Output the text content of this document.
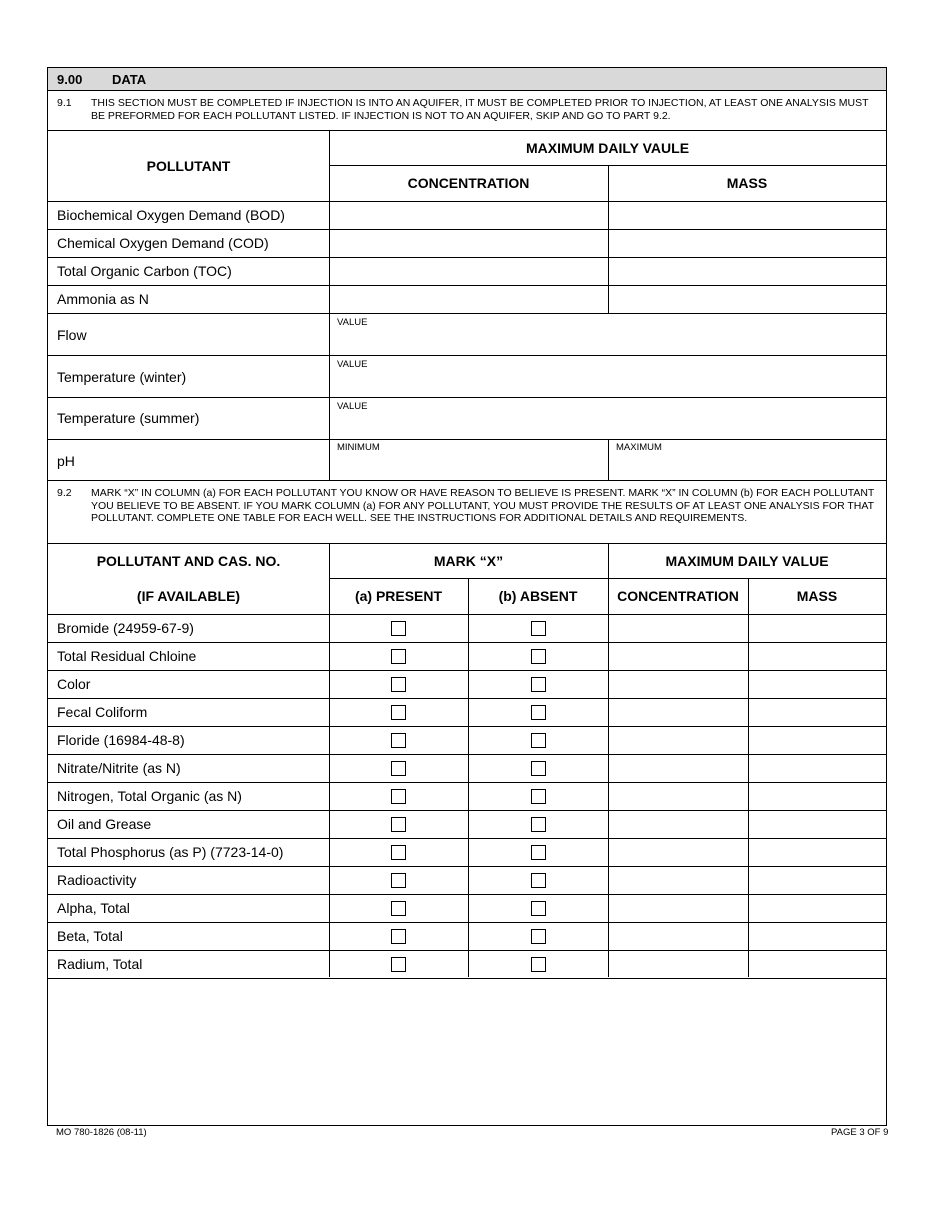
9.00 DATA
9.1 THIS SECTION MUST BE COMPLETED IF INJECTION IS INTO AN AQUIFER, IT MUST BE COMPLETED PRIOR TO INJECTION, AT LEAST ONE ANALYSIS MUST BE PREFORMED FOR EACH POLLUTANT LISTED. IF INJECTION IS NOT TO AN AQUIFER, SKIP AND GO TO PART 9.2.
POLLUTANT
MAXIMUM DAILY VAULE
CONCENTRATION	MASS
Biochemical Oxygen Demand (BOD)
Chemical Oxygen Demand (COD)
Total Organic Carbon (TOC)
Ammonia as N
Flow
VALUE
Temperature (winter)
VALUE
Temperature (summer)
VALUE
pH
MINIMUM	MAXIMUM
9.2 MARK “X” IN COLUMN (a) FOR EACH POLLUTANT YOU KNOW OR HAVE REASON TO BELIEVE IS PRESENT. MARK “X” IN COLUMN (b) FOR EACH POLLUTANT YOU BELIEVE TO BE ABSENT. IF YOU MARK COLUMN (a) FOR ANY POLLUTANT, YOU MUST PROVIDE THE RESULTS OF AT LEAST ONE ANALYSIS FOR THAT POLLUTANT. COMPLETE ONE TABLE FOR EACH WELL. SEE THE INSTRUCTIONS FOR ADDITIONAL DETAILS AND REQUIREMENTS.
POLLUTANT AND CAS. NO.
(IF AVAILABLE)
MARK “X”
(a) PRESENT	(b) ABSENT
MAXIMUM DAILY VALUE
CONCENTRATION	MASS
Bromide (24959-67-9)
Total Residual Chloine
Color
Fecal Coliform
Floride (16984-48-8)
Nitrate/Nitrite (as N)
Nitrogen, Total Organic (as N)
Oil and Grease
Total Phosphorus (as P) (7723-14-0)
Radioactivity
Alpha, Total
Beta, Total
Radium, Total
MO 780-1826 (08-11)	PAGE 3 OF 9
